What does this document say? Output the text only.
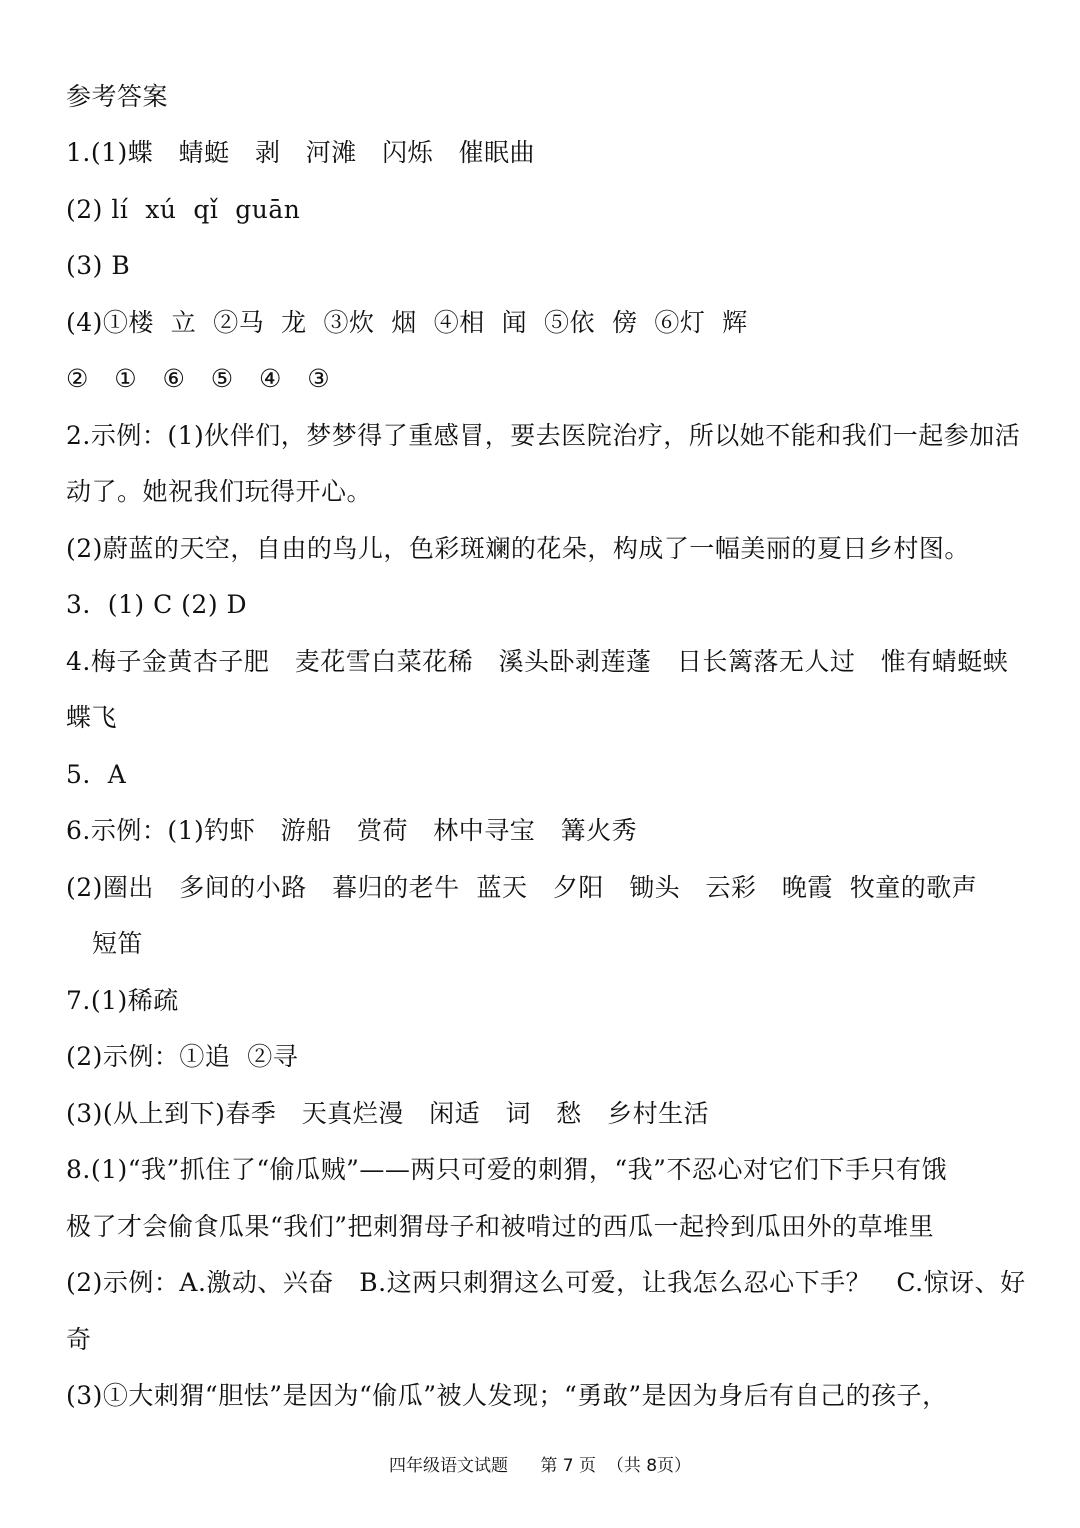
参考答案
1.(1)蝶   蜻蜓   剥   河滩   闪烁   催眠曲
(2) lí  xú  qǐ  guān
(3) B
(4)①楼  立  ②马  龙  ③炊  烟  ④相  闻  ⑤依  傍  ⑥灯  辉
②   ①   ⑥   ⑤   ④   ③
2.示例：(1)伙伴们，梦梦得了重感冒，要去医院治疗，所以她不能和我们一起参加活
动了。她祝我们玩得开心。
(2)蔚蓝的天空，自由的鸟儿，色彩斑斓的花朵，构成了一幅美丽的夏日乡村图。
3.  (1) C (2) D
4.梅子金黄杏子肥   麦花雪白菜花稀   溪头卧剥莲蓬   日长篱落无人过   惟有蜻蜓蛱
蝶飞
5.  A
6.示例：(1)钓虾   游船   赏荷   林中寻宝   篝火秀
(2)圈出   多间的小路   暮归的老牛  蓝天   夕阳   锄头   云彩   晚霞  牧童的歌声
短笛
7.(1)稀疏
(2)示例：①追  ②寻
(3)(从上到下)春季   天真烂漫   闲适   词   愁   乡村生活
8.(1)“我”抓住了“偷瓜贼”——两只可爱的刺猬，“我”不忍心对它们下手只有饿
极了才会偷食瓜果“我们”把刺猬母子和被啃过的西瓜一起拎到瓜田外的草堆里
(2)示例：A.激动、兴奋   B.这两只刺猬这么可爱，让我怎么忍心下手？   C.惊讶、好
奇
(3)①大刺猬“胆怯”是因为“偷瓜”被人发现；“勇敢”是因为身后有自己的孩子，
四年级语文试题 第 7 页  （共 8页）
